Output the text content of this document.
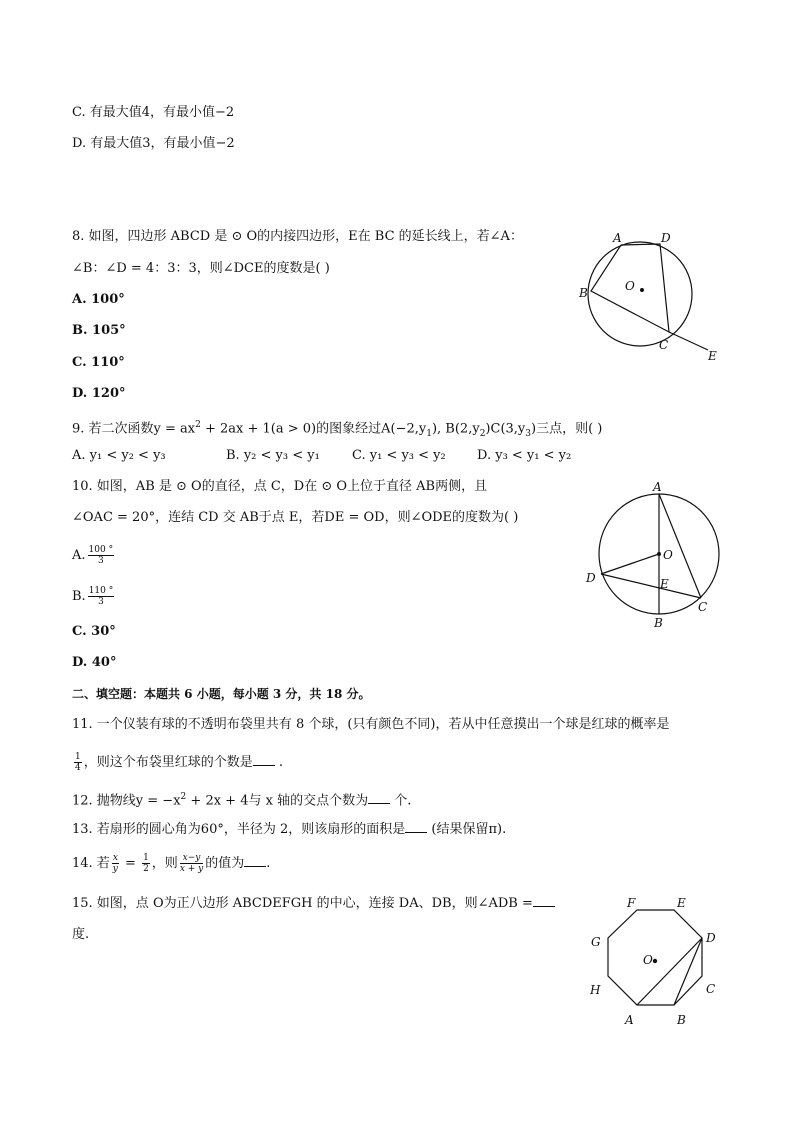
C. 有最大值4，有最小值−2
D. 有最大值3，有最小值−2
8. 如图，四边形 ABCD 是 ⊙ O的内接四边形，E在 BC 的延长线上，若∠A：
∠B：∠D = 4：3：3，则∠DCE的度数是( )
A. 100°
B. 105°
C. 110°
D. 120°
A	D
B
C
E
O
9. 若二次函数$y = ax^2 + 2ax + 1(a > 0)$的图象经过$A(-2,y_1)$, $B(2,y_2)C(3,y_3)$三点，则( )
A. y₁ < y₂ < y₃	B. y₂ < y₃ < y₁ C. y₁ < y₃ < y₂ D. y₃ < y₁ < y₂
10. 如图，AB 是 ⊙ O的直径，点 C，D在 ⊙ O上位于直径 AB两侧，且
∠OAC = 20°，连结 CD 交 AB于点 E，若DE = OD，则∠ODE的度数为( )
A. $\frac{100 ^\circ}{3}$
B. $\frac{110 ^\circ}{3}$
C. 30°
D. 40°
A
O
D	E
C
B
二、填空题：本题共 6 小题，每小题 3 分，共 18 分。
11. 一个仪装有球的不透明布袋里共有 8 个球，(只有颜色不同)，若从中任意摸出一个球是红球的概率是
$\frac{1}{4}$ ，则这个布袋里红球的个数是 .
12. 抛物线$y = -x^2 + 2x + 4$与 x 轴的交点个数为 个.
13. 若扇形的圆心角为60°，半径为 2，则该扇形的面积是 (结果保留π).
14. 若 $\frac{x}{y} = \frac{1}{2}$ ，则 $\frac{x-y}{x + y}$ 的值为 .
15. 如图，点 O为正八边形 ABCDEFGH 的中心，连接 DA、DB，则∠ADB =
度.
F	E
D
G
O
H	C
A	B
